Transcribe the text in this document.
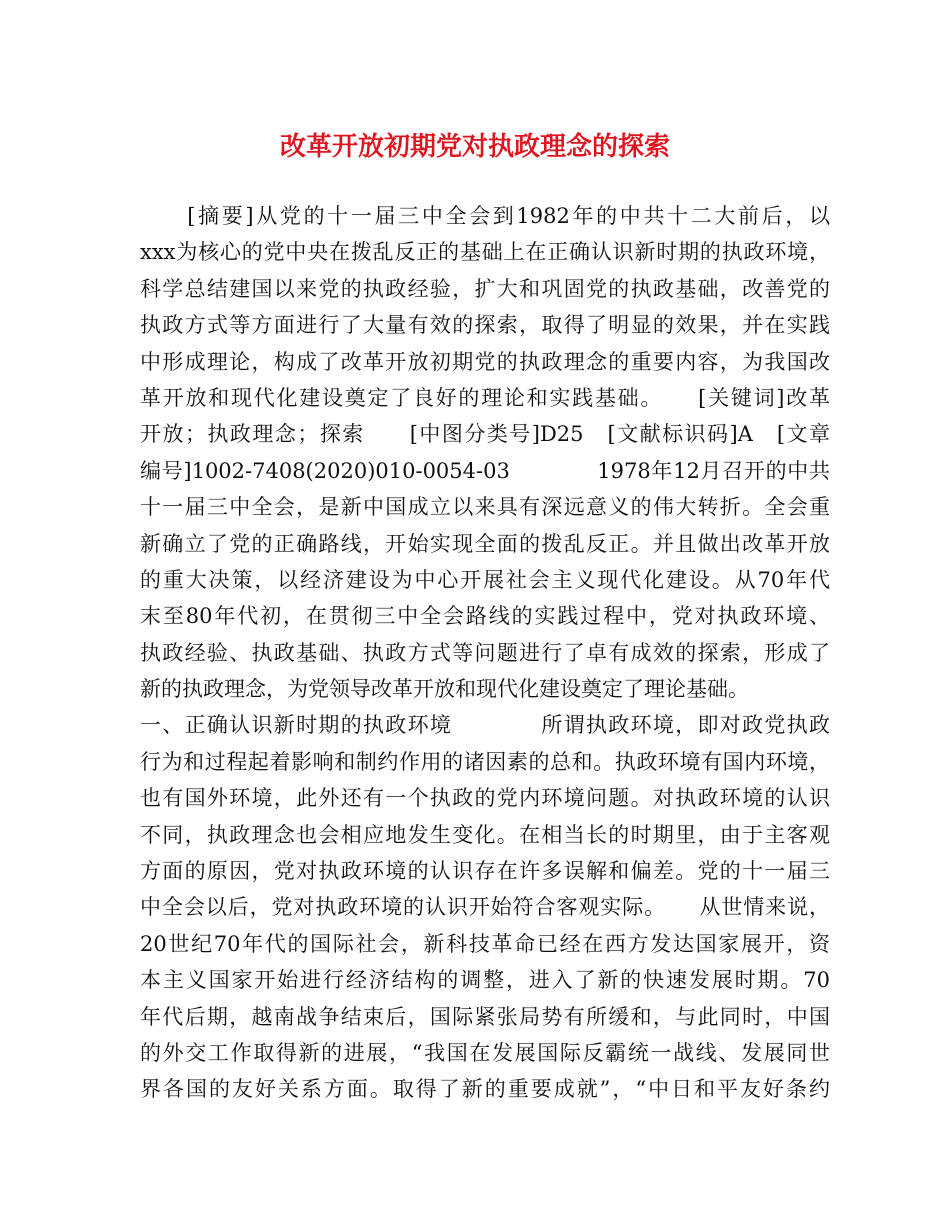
改革开放初期党对执政理念的探索
　　[摘要]从党的十一届三中全会到1982年的中共十二大前后，以
xxx为核心的党中央在拨乱反正的基础上在正确认识新时期的执政环境，
科学总结建国以来党的执政经验，扩大和巩固党的执政基础，改善党的
执政方式等方面进行了大量有效的探索，取得了明显的效果，并在实践
中形成理论，构成了改革开放初期党的执政理念的重要内容，为我国改
革开放和现代化建设奠定了良好的理论和实践基础。　　[关键词]改革
开放；执政理念；探索　　[中图分类号]D25　[文献标识码]A　[文章
编号]1002-7408(2020)010-0054-03　　　　1978年12月召开的中共
十一届三中全会，是新中国成立以来具有深远意义的伟大转折。全会重
新确立了党的正确路线，开始实现全面的拨乱反正。并且做出改革开放
的重大决策，以经济建设为中心开展社会主义现代化建设。从70年代
末至80年代初，在贯彻三中全会路线的实践过程中，党对执政环境、
执政经验、执政基础、执政方式等问题进行了卓有成效的探索，形成了
新的执政理念，为党领导改革开放和现代化建设奠定了理论基础。
一、正确认识新时期的执政环境　　　　所谓执政环境，即对政党执政
行为和过程起着影响和制约作用的诸因素的总和。执政环境有国内环境，
也有国外环境，此外还有一个执政的党内环境问题。对执政环境的认识
不同，执政理念也会相应地发生变化。在相当长的时期里，由于主客观
方面的原因，党对执政环境的认识存在许多误解和偏差。党的十一届三
中全会以后，党对执政环境的认识开始符合客观实际。　　从世情来说，
20世纪70年代的国际社会，新科技革命已经在西方发达国家展开，资
本主义国家开始进行经济结构的调整，进入了新的快速发展时期。70
年代后期，越南战争结束后，国际紧张局势有所缓和，与此同时，中国
的外交工作取得新的进展，“我国在发展国际反霸统一战线、发展同世
界各国的友好关系方面。取得了新的重要成就”，“中日和平友好条约
